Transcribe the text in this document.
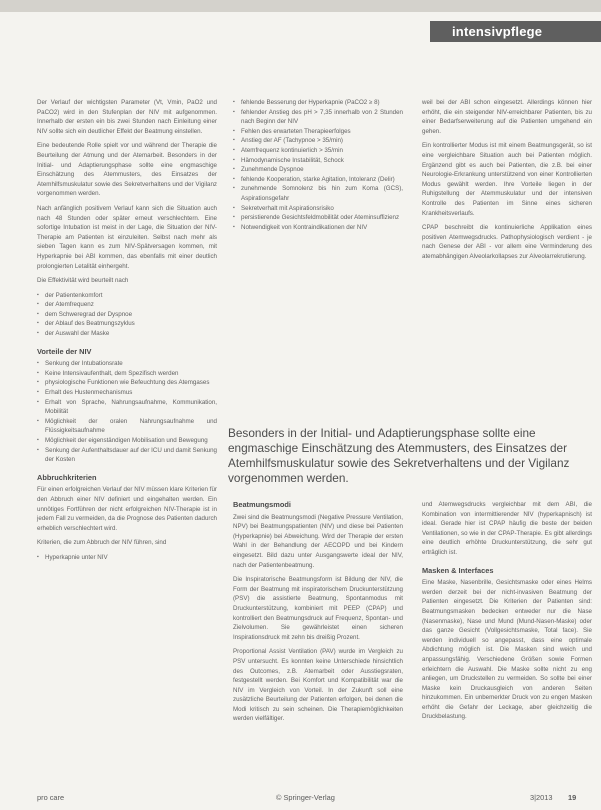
intensivpflege

Der Verlauf der wichtigsten Parameter (Vt, Vmin, PaO2 und PaCO2) wird in den Stufenplan der NIV mit aufgenommen. Innerhalb der ersten ein bis zwei Stunden nach Einleitung einer NIV sollte sich ein deutlicher Effekt der Beatmung einstellen.

Eine bedeutende Rolle spielt vor und während der Therapie die Beurteilung der Atmung und der Atemarbeit. Besonders in der Initial- und Adaptierungsphase sollte eine engmaschige Einschätzung des Atemmusters, des Einsatzes der Atemhilfsmuskulatur sowie des Sekretverhaltens und der Vigilanz vorgenommen werden.

Nach anfänglich positivem Verlauf kann sich die Situation auch nach 48 Stunden oder später erneut verschlechtern. Eine sofortige Intubation ist meist in der Lage, die Situation der NIV-Therapie am Patienten ist einzuleiten. Selbst nach mehr als sieben Tagen kann es zum NIV-Spätversagen kommen, mit Hyperkapnie bei ABI kommen, das ebenfalls mit einer deutlich prolongierten Letalität einhergeht.

Die Effektivität wird beurteilt nach

▪ der Patientenkomfort
▪ der Atemfrequenz
▪ dem Schweregrad der Dyspnoe
▪ der Ablauf des Beatmungszyklus
▪ der Auswahl der Maske
Vorteile der NIV
▪ Senkung der Intubationsrate
▪ Keine Intensivaufenthalt, dem Spezifisch werden
▪ physiologische Funktionen wie Befeuchtung des Atemgases
▪ Erhalt des Hustenmechanismus
▪ Erhalt von Sprache, Nahrungsaufnahme, Kommunikation, Mobilität
▪ Möglichkeit der oralen Nahrungsaufnahme und Flüssigkeitsaufnahme
▪ Möglichkeit der eigenständigen Mobilisation und Bewegung
▪ Senkung der Aufenthaltsdauer auf der ICU und damit Senkung der Kosten
Abbruchkriterien

Für einen erfolgreichen Verlauf der NIV müssen klare Kriterien für den Abbruch einer NIV definiert und eingehalten werden. Ein unnötiges Fortführen der nicht erfolgreichen NIV-Therapie ist in jedem Fall zu vermeiden, da die Prognose des Patienten dadurch erheblich verschlechtert wird.

Kriterien, die zum Abbruch der NIV führen, sind

▪ Hyperkapnie unter NIV
▪ fehlende Besserung der Hyperkapnie (PaCO2 ≥ 8)
▪ fehlender Anstieg des pH > 7,35 innerhalb von 2 Stunden nach Beginn der NIV
▪ Fehlen des erwarteten Therapieerfolges
▪ Anstieg der AF (Tachypnoe > 35/min)
▪ Atemfrequenz kontinuierlich > 35/min
▪ Hämodynamische Instabilität, Schock
▪ Zunehmende Dyspnoe
▪ fehlende Kooperation, starke Agitation, Intoleranz (Delir)
▪ zunehmende Somnolenz bis hin zum Koma (GCS), Aspirationsgefahr
▪ Sekretverhalt mit Aspirationsrisiko
▪ persistierende Gesichtsfeldmobilität oder Ateminsuffizienz
▪ Notwendigkeit von Kontraindikationen der NIV

weil bei der ABI schon eingesetzt. Allerdings können hier erhöht, die ein steigender NIV-erreichbarer Patienten, bis zu einer Bedarfserweiterung auf die Patienten umgehend ein gehen.

Ein kontrollierter Modus ist mit einem Beatmungsgerät, so ist eine vergleichbare Situation auch bei Patienten möglich. Ergänzend gibt es auch bei Patienten, die z.B. bei einer Neurologie-Erkrankung unterstützend von einer Kontrollierten Modus gewählt werden. Ihre Vorteile liegen in der Ruhigstellung der Atemmuskulatur und der intensiven Kontrolle des Patienten im Sinne eines sicheren Krankheitsverlaufs.

CPAP beschreibt die kontinuierliche Applikation eines positiven Atemwegsdrucks. Pathophysiologisch verdient - je nach Genese der ABI - vor allem eine Verminderung des atemabhängigen Alveolarkollapses zur Alveolarrekrutierung.

Besonders in der Initial- und Adaptierungsphase sollte eine engmaschige Einschätzung des Atemmusters, des Einsatzes der Atemhilfsmuskulatur sowie des Sekretverhaltens und der Vigilanz vorgenommen werden.
Beatmungsmodi

Zwei sind die Beatmungsmodi (Negative Pressure Ventilation, NPV) bei Beatmungspatienten (NIV) und diese bei Patienten (Hyperkapnie) bei Abweichung. Wird der Therapie der ersten Wahl in der Behandlung der AECOPD und bei Kindern eingesetzt. Bild dazu unter Ausgangswerte ideal der NIV, nach der Patientenbeatmung.

Die Inspiratorische Beatmungsform ist Bildung der NIV, die Form der Beatmung mit inspiratorischem Druckunterstützung (PSV) die assistierte Beatmung, Spontanmodus mit Druckunterstützung, kombiniert mit PEEP (CPAP) und kontrolliert den Beatmungsdruck auf Frequenz, Spontan- und Zielvolumen. Sie gewährleistet einen sicheren Inspirationsdruck mit zehn bis dreißig Prozent.

Proportional Assist Ventilation (PAV) wurde im Vergleich zu PSV untersucht. Es konnten keine Unterschiede hinsichtlich des Outcomes, z.B. Atemarbeit oder Ausstiegsraten, festgestellt werden. Bei Komfort und Kompatibilität war die NIV im Vergleich von Vorteil. In der Zukunft soll eine zusätzliche Beurteilung der Patienten erfolgen, bei denen die Modi kritisch zu sein scheinen. Die Therapiemöglichkeiten werden vielfältiger.

und Atemwegsdrucks vergleichbar mit dem ABI, die Kombination von intermittierender NIV (hyperkapnisch) ist ideal. Gerade hier ist CPAP häufig die beste der beiden Ventilationen, so wie in der CPAP-Therapie. Es gibt allerdings eine deutlich erhöhte Druckunterstützung, die sehr gut erträglich ist.

Masken & Interfaces

Eine Maske, Nasenbrille, Gesichtsmaske oder eines Helms werden derzeit bei der nicht-invasiven Beatmung der Patienten eingesetzt. Die Kriterien der Patienten sind: Beatmungsmasken bedecken entweder nur die Nase (Nasenmaske), Nase und Mund (Mund-Nasen-Maske) oder das ganze Gesicht (Vollgesichtsmaske, Total face). Sie werden individuell so angepasst, dass eine optimale Abdichtung möglich ist. Die Masken sind weich und anpassungsfähig. Verschiedene Größen sowie Formen erleichtern die Auswahl. Die Maske sollte nicht zu eng anliegen, um Druckstellen zu vermeiden. So sollte bei einer Maske kein Druckausgleich von anderen Seiten hinzukommen. Ein unbemerkter Druck von zu engen Masken erhöht die Gefahr der Leckage, aber gleichzeitig die Druckbelastung.

pro care	© Springer-Verlag	3|2013 19
